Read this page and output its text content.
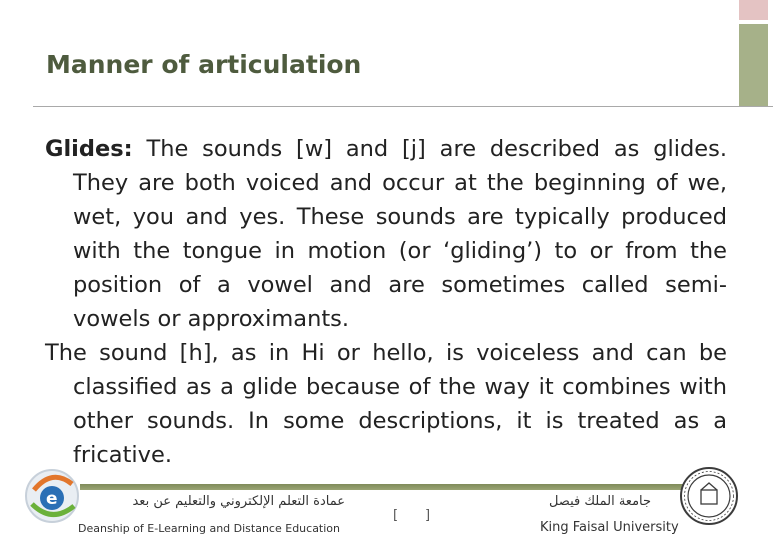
Manner of articulation

Glides: The sounds [w] and [j] are described as glides. They are both voiced and occur at the beginning of we, wet, you and yes. These sounds are typically produced with the tongue in motion (or ‘gliding’) to or from the position of a vowel and are sometimes called semi-vowels or approximants.

The sound [h], as in Hi or hello, is voiceless and can be classified as a glide because of the way it combines with other sounds. In some descriptions, it is treated as a fricative.

e	عمادة التعلم الإلكتروني والتعليم عن بعد
Deanship of E-Learning and Distance Education
[ ]
جامعة الملك فيصل
King Faisal University
